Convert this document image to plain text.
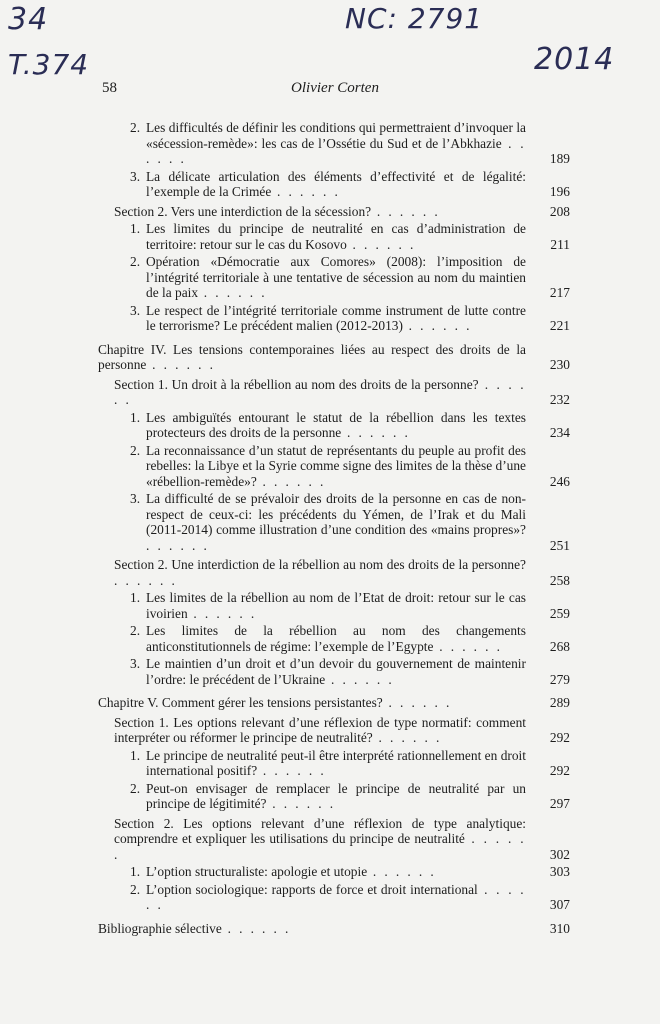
34
T.374
NC: 2791
2014
58	Olivier Corten
2. Les difficultés de définir les conditions qui permettraient d’invoquer la «sécession-remède»: les cas de l’Ossétie du Sud et de l’Abkhazie . . . . . .	189
3. La délicate articulation des éléments d’effectivité et de légalité: l’exemple de la Crimée . . . . . .	196
Section 2. Vers une interdiction de la sécession? . . . . . .	208
1. Les limites du principe de neutralité en cas d’administration de territoire: retour sur le cas du Kosovo . . . . . .	211
2. Opération «Démocratie aux Comores» (2008): l’imposition de l’intégrité territoriale à une tentative de sécession au nom du maintien de la paix . . . . . .	217
3. Le respect de l’intégrité territoriale comme instrument de lutte contre le terrorisme? Le précédent malien (2012-2013) . . . . . .	221
Chapitre IV. Les tensions contemporaines liées au respect des droits de la personne . . . . . .	230
Section 1. Un droit à la rébellion au nom des droits de la personne? . . . . . .	232
1. Les ambiguïtés entourant le statut de la rébellion dans les textes protecteurs des droits de la personne . . . . . .	234
2. La reconnaissance d’un statut de représentants du peuple au profit des rebelles: la Libye et la Syrie comme signe des limites de la thèse d’une «rébellion-remède»? . . . . . .	246
3. La difficulté de se prévaloir des droits de la personne en cas de non-respect de ceux-ci: les précédents du Yémen, de l’Irak et du Mali (2011-2014) comme illustration d’une condition des «mains propres»? . . . . . .	251
Section 2. Une interdiction de la rébellion au nom des droits de la personne? . . . . . .	258
1. Les limites de la rébellion au nom de l’Etat de droit: retour sur le cas ivoirien . . . . . .	259
2. Les limites de la rébellion au nom des changements anticonstitutionnels de régime: l’exemple de l’Egypte . . . . . .	268
3. Le maintien d’un droit et d’un devoir du gouvernement de maintenir l’ordre: le précédent de l’Ukraine . . . . . .	279
Chapitre V. Comment gérer les tensions persistantes? . . . . . .	289
Section 1. Les options relevant d’une réflexion de type normatif: comment interpréter ou réformer le principe de neutralité? . . . . . .	292
1. Le principe de neutralité peut-il être interprété rationnellement en droit international positif? . . . . . .	292
2. Peut-on envisager de remplacer le principe de neutralité par un principe de légitimité? . . . . . .	297
Section 2. Les options relevant d’une réflexion de type analytique: comprendre et expliquer les utilisations du principe de neutralité . . . . . .	302
1. L’option structuraliste: apologie et utopie . . . . . .	303
2. L’option sociologique: rapports de force et droit international . . . . . .	307
Bibliographie sélective . . . . . .	310
